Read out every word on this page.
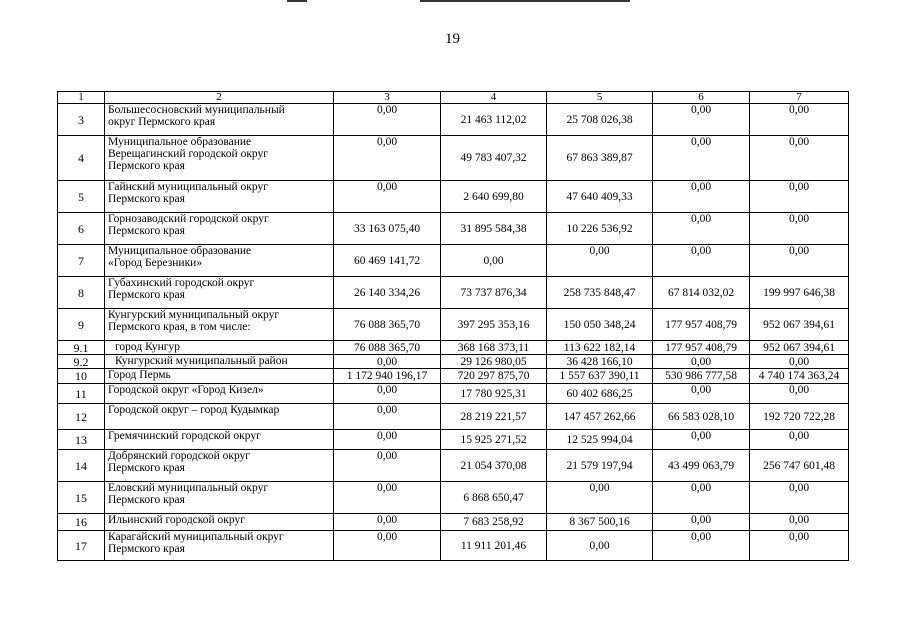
19
1	2	3	4	5	6	7
3	Большесосновский муниципальный
округ Пермского края	0,00	21 463 112,02	25 708 026,38	0,00	0,00
4	Муниципальное образование
Верещагинский городской округ
Пермского края	0,00	49 783 407,32	67 863 389,87	0,00	0,00
5	Гайнский муниципальный округ
Пермского края	0,00	2 640 699,80	47 640 409,33	0,00	0,00
6	Горнозаводский городской округ
Пермского края	33 163 075,40	31 895 584,38	10 226 536,92	0,00	0,00
7	Муниципальное образование
«Город Березники»	60 469 141,72	0,00	0,00	0,00	0,00
8	Губахинский городской округ
Пермского края	26 140 334,26	73 737 876,34	258 735 848,47	67 814 032,02	199 997 646,38
9	Кунгурский муниципальный округ
Пермского края, в том числе:	76 088 365,70	397 295 353,16	150 050 348,24	177 957 408,79	952 067 394,61
9.1	город Кунгур	76 088 365,70	368 168 373,11	113 622 182,14	177 957 408,79	952 067 394,61
9.2	Кунгурский муниципальный район	0,00	29 126 980,05	36 428 166,10	0,00	0,00
10	Город Пермь	1 172 940 196,17	720 297 875,70	1 557 637 390,11	530 986 777,58	4 740 174 363,24
11	Городской округ «Город Кизел»	0,00	17 780 925,31	60 402 686,25	0,00	0,00
12	Городской округ – город Кудымкар	0,00	28 219 221,57	147 457 262,66	66 583 028,10	192 720 722,28
13	Гремячинский городской округ	0,00	15 925 271,52	12 525 994,04	0,00	0,00
14	Добрянский городской округ
Пермского края	0,00	21 054 370,08	21 579 197,94	43 499 063,79	256 747 601,48
15	Еловский муниципальный округ
Пермского края	0,00	6 868 650,47	0,00	0,00	0,00
16	Ильинский городской округ	0,00	7 683 258,92	8 367 500,16	0,00	0,00
17	Карагайский муниципальный округ
Пермского края	0,00	11 911 201,46	0,00	0,00	0,00
